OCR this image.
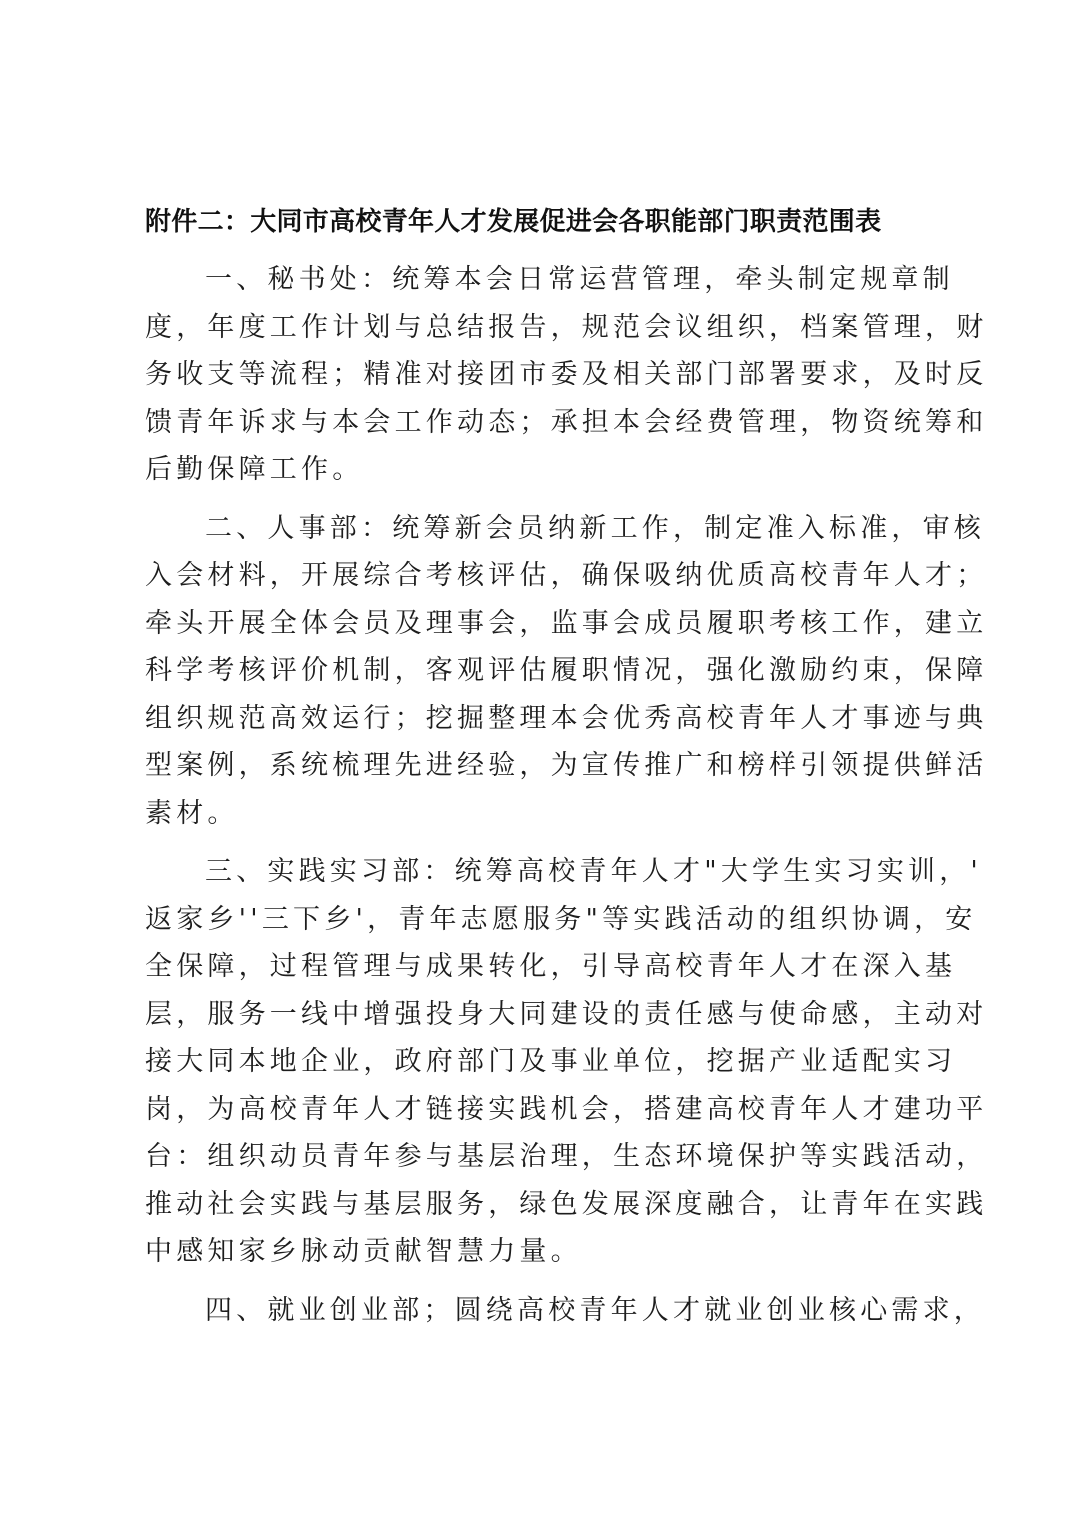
附件二：大同市高校青年人才发展促进会各职能部门职责范围表

一、秘书处：统筹本会日常运营管理，牵头制定规章制
度，年度工作计划与总结报告，规范会议组织，档案管理，财
务收支等流程；精准对接团市委及相关部门部署要求，及时反
馈青年诉求与本会工作动态；承担本会经费管理，物资统筹和
后勤保障工作。

二、人事部：统筹新会员纳新工作，制定准入标准，审核
入会材料，开展综合考核评估，确保吸纳优质高校青年人才；
牵头开展全体会员及理事会，监事会成员履职考核工作，建立
科学考核评价机制，客观评估履职情况，强化激励约束，保障
组织规范高效运行；挖掘整理本会优秀高校青年人才事迹与典
型案例，系统梳理先进经验，为宣传推广和榜样引领提供鲜活
素材。

三、实践实习部：统筹高校青年人才"大学生实习实训，'
返家乡''三下乡'，青年志愿服务"等实践活动的组织协调，安
全保障，过程管理与成果转化，引导高校青年人才在深入基
层，服务一线中增强投身大同建设的责任感与使命感，主动对
接大同本地企业，政府部门及事业单位，挖据产业适配实习
岗，为高校青年人才链接实践机会，搭建高校青年人才建功平
台：组织动员青年参与基层治理，生态环境保护等实践活动，
推动社会实践与基层服务，绿色发展深度融合，让青年在实践
中感知家乡脉动贡献智慧力量。

四、就业创业部；圆绕高校青年人才就业创业核心需求，
